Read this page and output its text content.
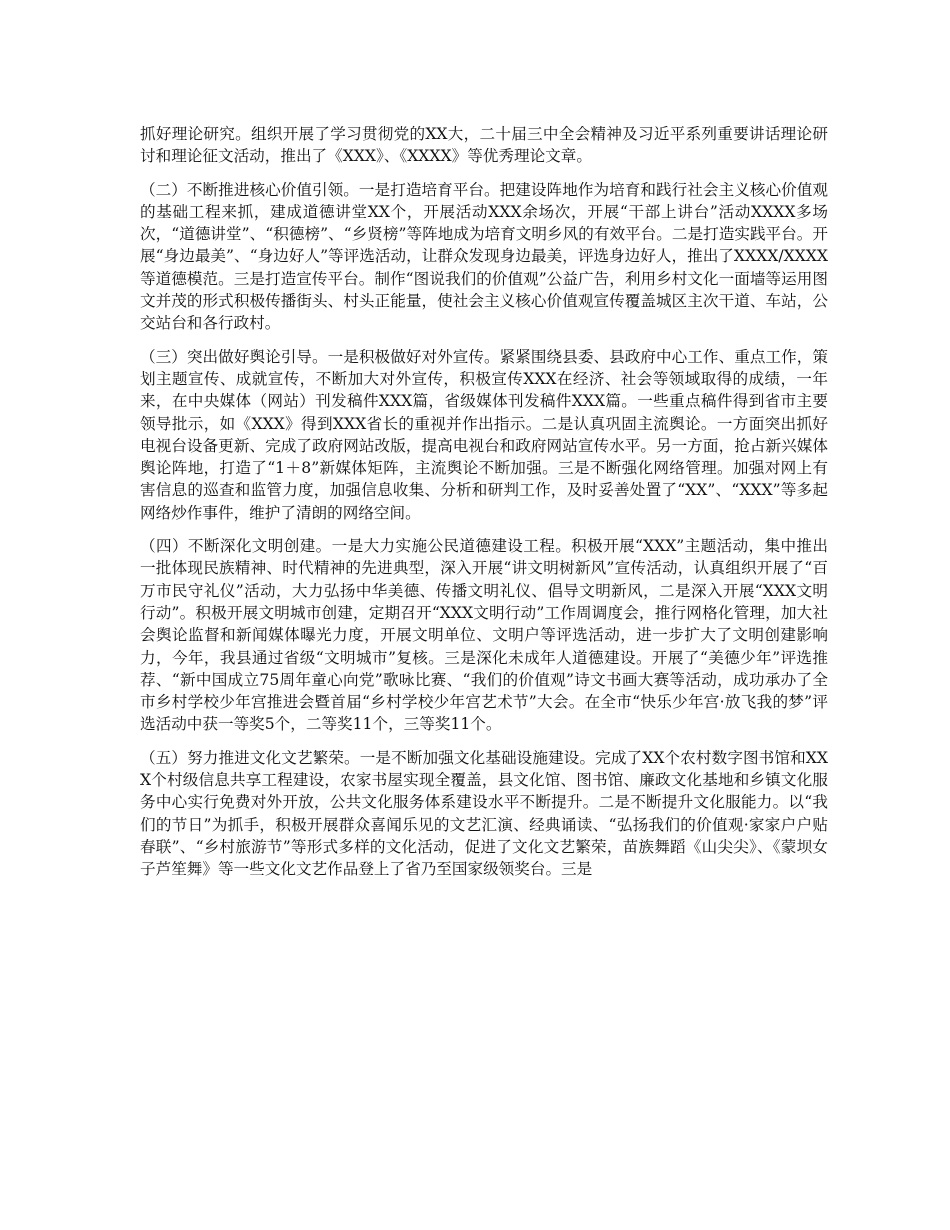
抓好理论研究。组织开展了学习贯彻党的XX大，二十届三中全会精神及习近平系列重要讲话理论研讨和理论征文活动，推出了《XXX》、《XXXX》等优秀理论文章。

（二）不断推进核心价值引领。一是打造培育平台。把建设阵地作为培育和践行社会主义核心价值观的基础工程来抓，建成道德讲堂XX个，开展活动XXX余场次，开展“干部上讲台”活动XXXX多场次，“道德讲堂”、“积德榜”、“乡贤榜”等阵地成为培育文明乡风的有效平台。二是打造实践平台。开展“身边最美”、“身边好人”等评选活动，让群众发现身边最美，评选身边好人，推出了XXXX/XXXX等道德模范。三是打造宣传平台。制作“图说我们的价值观”公益广告，利用乡村文化一面墙等运用图文并茂的形式积极传播街头、村头正能量，使社会主义核心价值观宣传覆盖城区主次干道、车站，公交站台和各行政村。

（三）突出做好舆论引导。一是积极做好对外宣传。紧紧围绕县委、县政府中心工作、重点工作，策划主题宣传、成就宣传，不断加大对外宣传，积极宣传XXX在经济、社会等领域取得的成绩，一年来，在中央媒体（网站）刊发稿件XXX篇，省级媒体刊发稿件XXX篇。一些重点稿件得到省市主要领导批示，如《XXX》得到XXX省长的重视并作出指示。二是认真巩固主流舆论。一方面突出抓好电视台设备更新、完成了政府网站改版，提高电视台和政府网站宣传水平。另一方面，抢占新兴媒体舆论阵地，打造了“1＋8”新媒体矩阵，主流舆论不断加强。三是不断强化网络管理。加强对网上有害信息的巡查和监管力度，加强信息收集、分析和研判工作，及时妥善处置了“XX”、“XXX”等多起网络炒作事件，维护了清朗的网络空间。

（四）不断深化文明创建。一是大力实施公民道德建设工程。积极开展“XXX”主题活动，集中推出一批体现民族精神、时代精神的先进典型，深入开展“讲文明树新风”宣传活动，认真组织开展了“百万市民守礼仪”活动，大力弘扬中华美德、传播文明礼仪、倡导文明新风，二是深入开展“XXX文明行动”。积极开展文明城市创建，定期召开“XXX文明行动”工作周调度会，推行网格化管理，加大社会舆论监督和新闻媒体曝光力度，开展文明单位、文明户等评选活动，进一步扩大了文明创建影响力，今年，我县通过省级“文明城市”复核。三是深化未成年人道德建设。开展了“美德少年”评选推荐、“新中国成立75周年童心向党”歌咏比赛、“我们的价值观”诗文书画大赛等活动，成功承办了全市乡村学校少年宫推进会暨首届“乡村学校少年宫艺术节”大会。在全市“快乐少年宫·放飞我的梦”评选活动中获一等奖5个，二等奖11个，三等奖11个。

（五）努力推进文化文艺繁荣。一是不断加强文化基础设施建设。完成了XX个农村数字图书馆和XXX个村级信息共享工程建设，农家书屋实现全覆盖，县文化馆、图书馆、廉政文化基地和乡镇文化服务中心实行免费对外开放，公共文化服务体系建设水平不断提升。二是不断提升文化服能力。以“我们的节日”为抓手，积极开展群众喜闻乐见的文艺汇演、经典诵读、“弘扬我们的价值观·家家户户贴春联”、“乡村旅游节”等形式多样的文化活动，促进了文化文艺繁荣，苗族舞蹈《山尖尖》、《蒙坝女子芦笙舞》等一些文化文艺作品登上了省乃至国家级领奖台。三是
